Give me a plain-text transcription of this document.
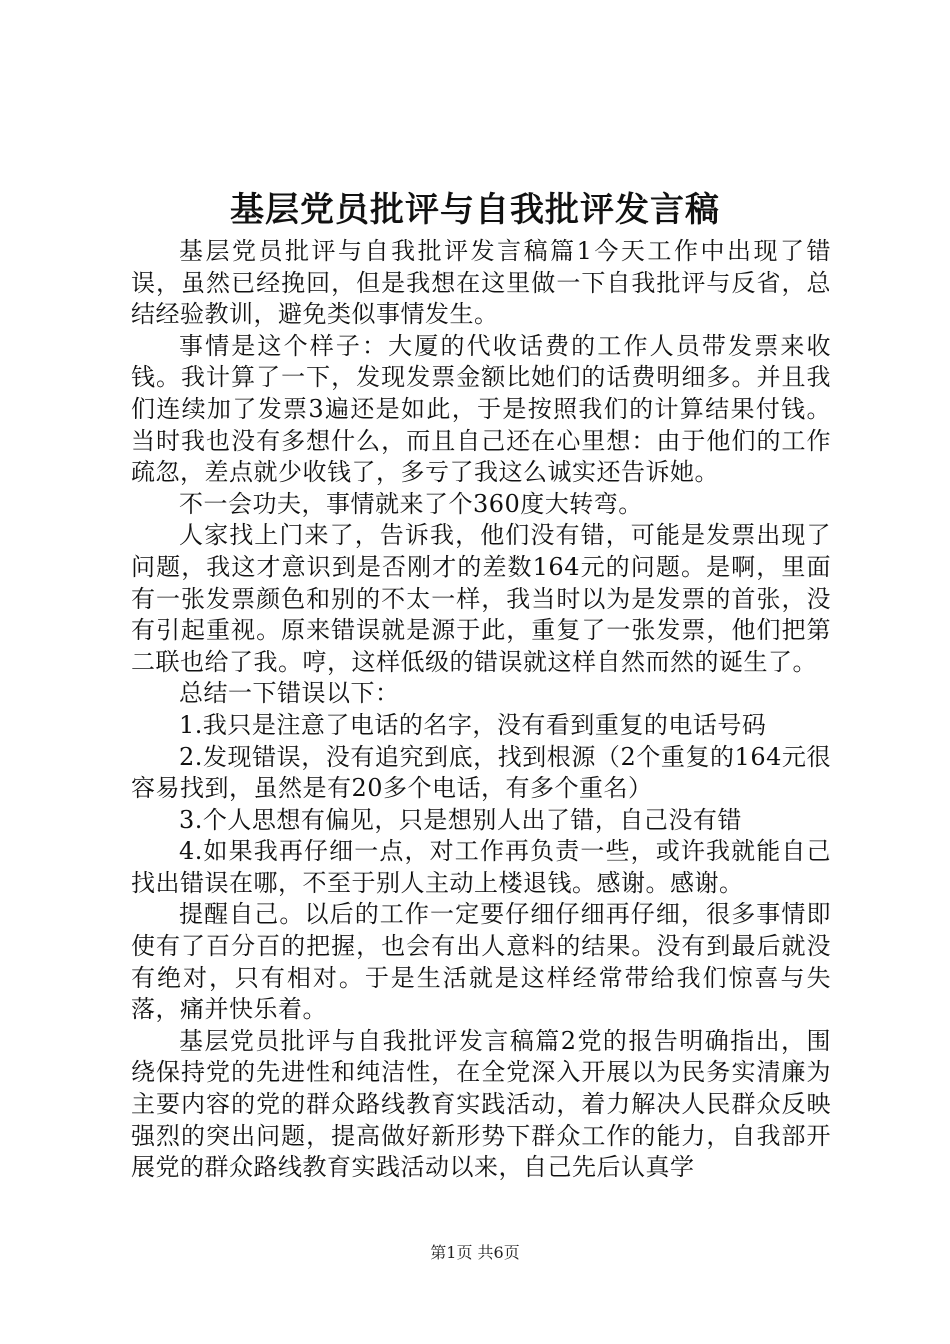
基层党员批评与自我批评发言稿

基层党员批评与自我批评发言稿篇1今天工作中出现了错误，虽然已经挽回，但是我想在这里做一下自我批评与反省，总结经验教训，避免类似事情发生。

事情是这个样子：大厦的代收话费的工作人员带发票来收钱。我计算了一下，发现发票金额比她们的话费明细多。并且我们连续加了发票3遍还是如此，于是按照我们的计算结果付钱。当时我也没有多想什么，而且自己还在心里想：由于他们的工作疏忽，差点就少收钱了，多亏了我这么诚实还告诉她。

不一会功夫，事情就来了个360度大转弯。

人家找上门来了，告诉我，他们没有错，可能是发票出现了问题，我这才意识到是否刚才的差数164元的问题。是啊，里面有一张发票颜色和别的不太一样，我当时以为是发票的首张，没有引起重视。原来错误就是源于此，重复了一张发票，他们把第二联也给了我。哼，这样低级的错误就这样自然而然的诞生了。

总结一下错误以下：

1.我只是注意了电话的名字，没有看到重复的电话号码

2.发现错误，没有追究到底，找到根源（2个重复的164元很容易找到，虽然是有20多个电话，有多个重名）

3.个人思想有偏见，只是想别人出了错，自己没有错

4.如果我再仔细一点，对工作再负责一些，或许我就能自己找出错误在哪，不至于别人主动上楼退钱。感谢。感谢。

提醒自己。以后的工作一定要仔细仔细再仔细，很多事情即使有了百分百的把握，也会有出人意料的结果。没有到最后就没有绝对，只有相对。于是生活就是这样经常带给我们惊喜与失落，痛并快乐着。

基层党员批评与自我批评发言稿篇2党的报告明确指出，围绕保持党的先进性和纯洁性，在全党深入开展以为民务实清廉为主要内容的党的群众路线教育实践活动，着力解决人民群众反映强烈的突出问题，提高做好新形势下群众工作的能力，自我部开展党的群众路线教育实践活动以来，自己先后认真学

第1页 共6页
